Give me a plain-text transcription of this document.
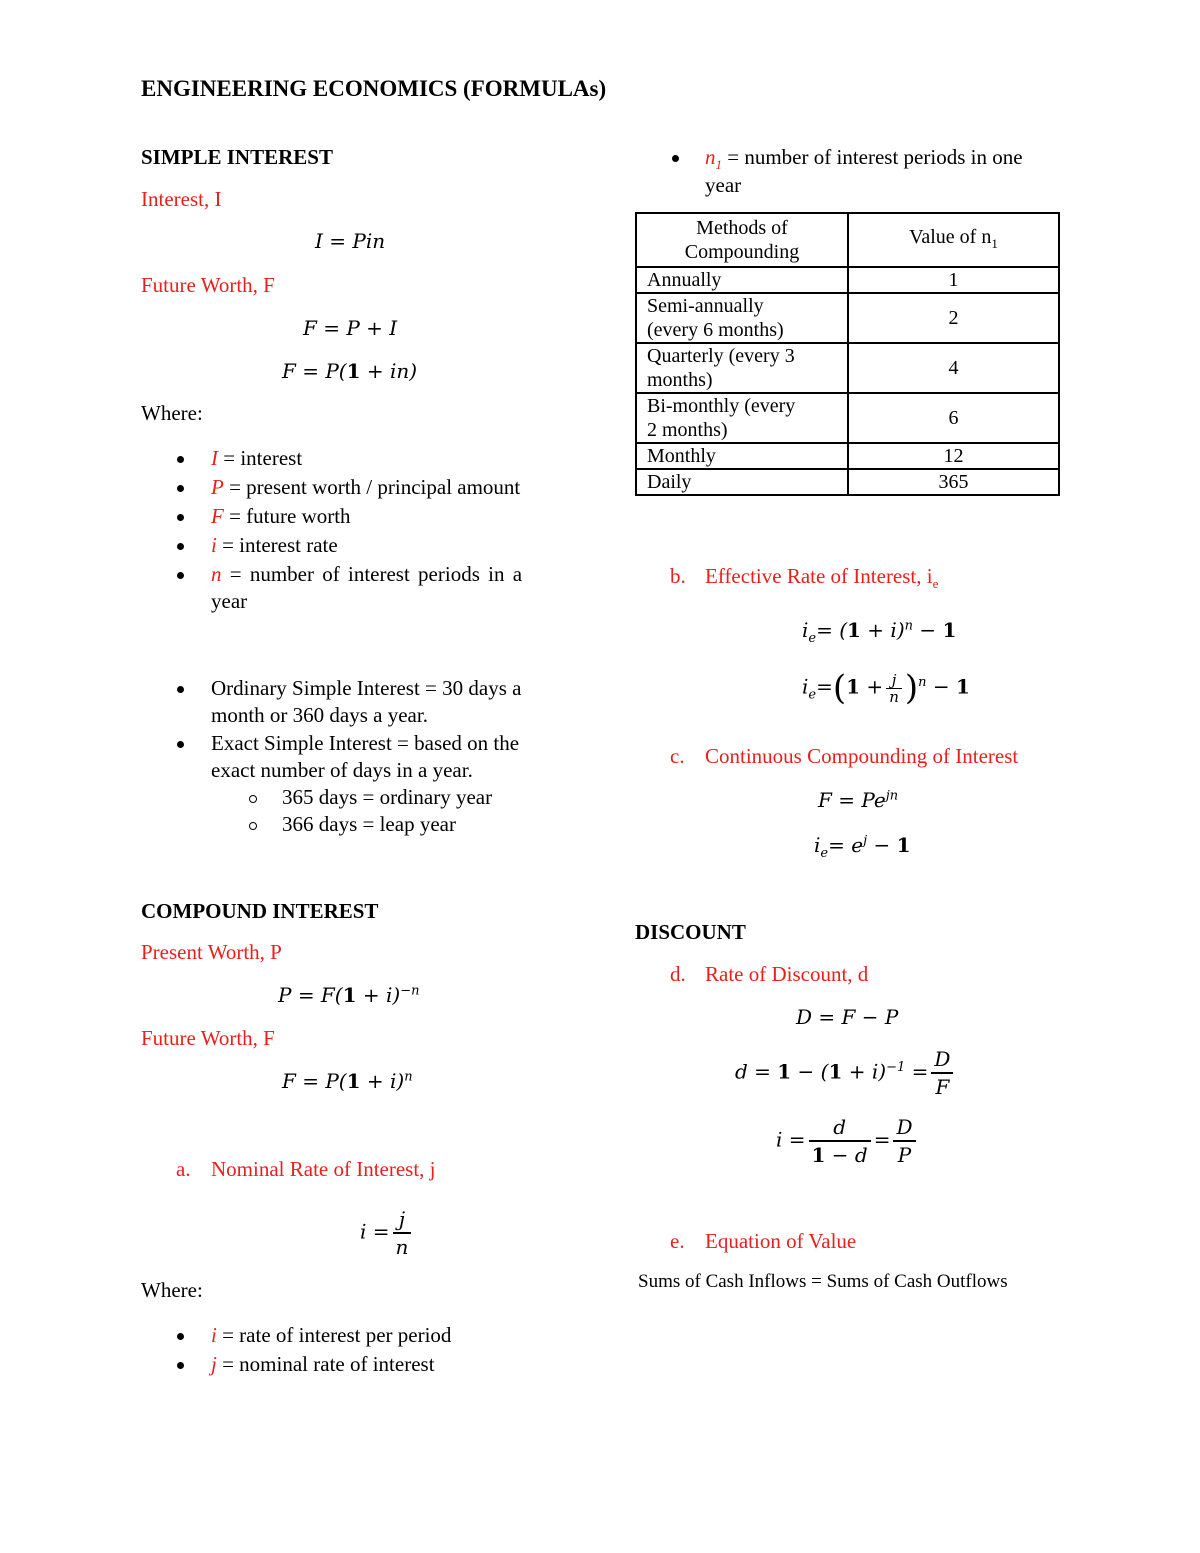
ENGINEERING ECONOMICS (FORMULAs)
SIMPLE INTEREST
Interest, I
I = Pin
Future Worth, F
F = P + I
F = P(1 + in)
Where:
I = interest
P = present worth / principal amount
F = future worth
i = interest rate
n = number of interest periods in a
year
Ordinary Simple Interest = 30 days a
month or 360 days a year.
Exact Simple Interest = based on the
exact number of days in a year.
365 days = ordinary year
366 days = leap year
COMPOUND INTEREST
Present Worth, P
$P = F(1 + i)^{-n}$
Future Worth, F
$F = P(1 + i)^n$
a. Nominal Rate of Interest, j
$i = \frac{j}{n}$
Where:
i = rate of interest per period
j = nominal rate of interest
$n_1$ = number of interest periods in one
year
Methods of
Compounding	Value of $n_1$
Annually	1

Semi-annually
(every 6 months)	2

Quarterly (every 3
months)	4

Bi-monthly (every
2 months)	6
Monthly	12
Daily	365
b. Effective Rate of Interest, $i_e$
$i_e= (1 + i)^n - 1$
$i_e=(1 + \frac{j}{n} )^n - 1$
c. Continuous Compounding of Interest
$F = Pe^{jn}$
$i_e= e^j - 1$
DISCOUNT
d. Rate of Discount, d
D = F − P
$d = 1 - (1 + i)^{-1} = \frac{D}{F}$
$i = \frac{d}{1 - d} = \frac{D}{P}$
e. Equation of Value
Sums of Cash Inflows = Sums of Cash Outflows
